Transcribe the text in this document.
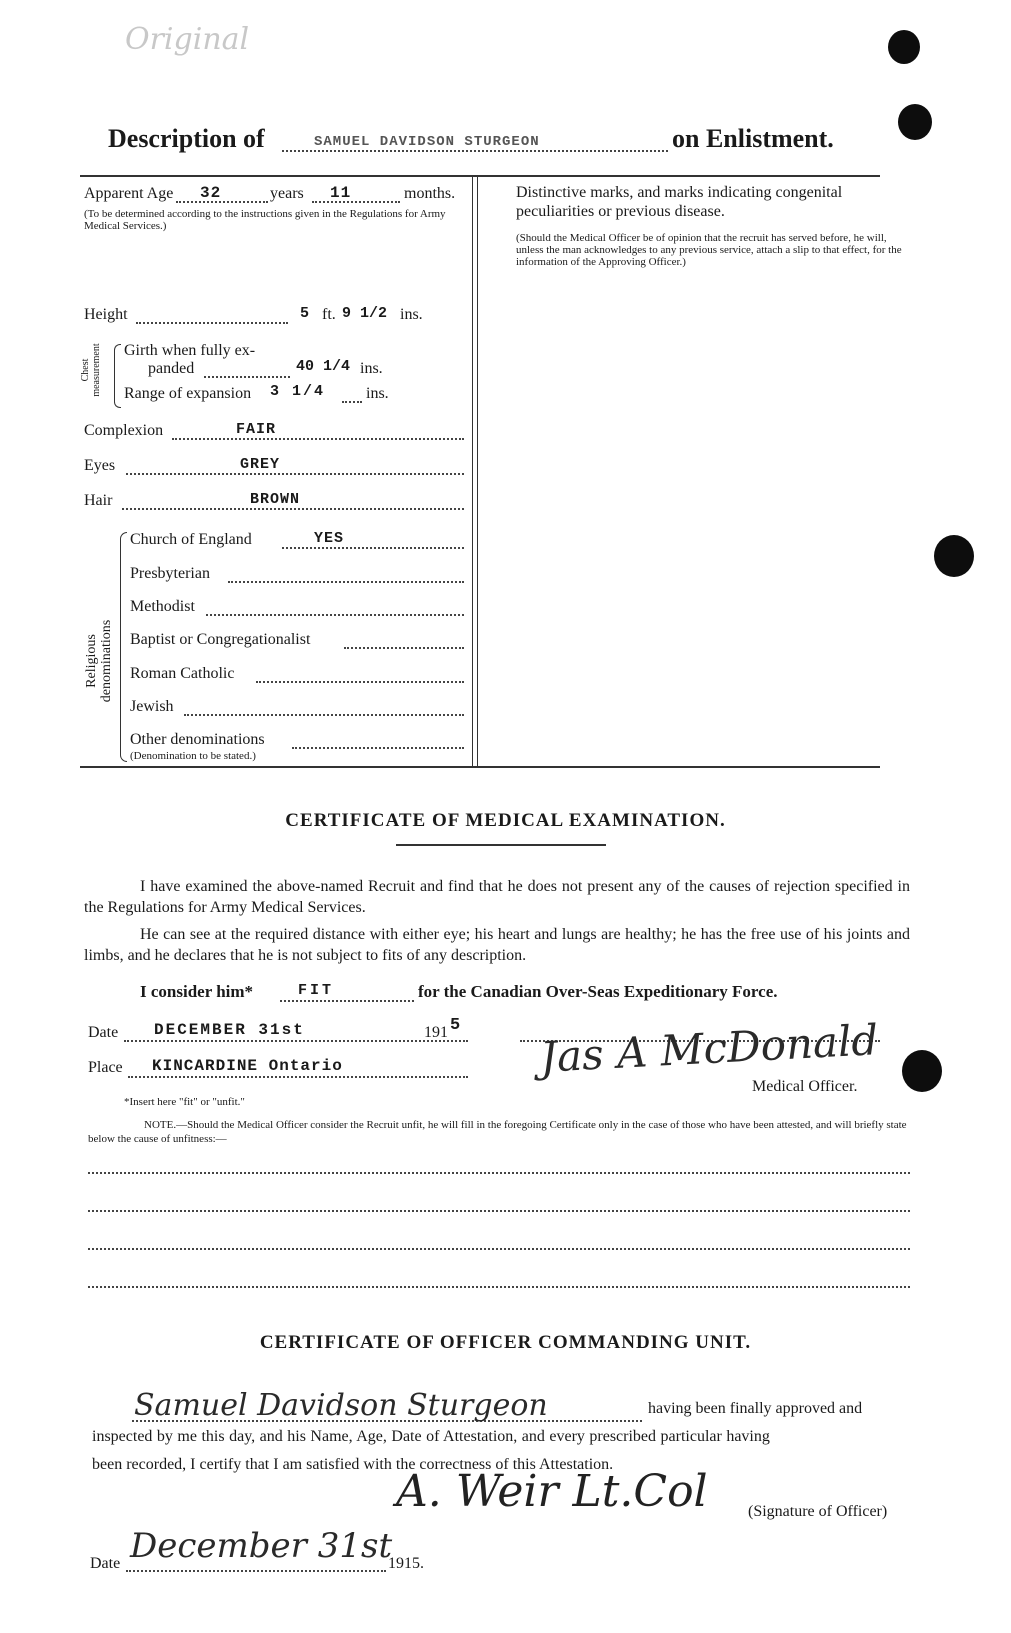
Original
Description of	SAMUEL DAVIDSON STURGEON	on Enlistment.
Apparent Age 32	years 11	months.
(To be determined according to the instructions given in the Regulations for Army Medical Services.)
Height	5 ft. 9 1/2 ins.
Chest measurement Girth when fully ex-
panded	40 1/4 ins.
Range of expansion 3 1/4	ins.
Complexion	FAIR
Eyes	GREY
Hair	BROWN
Religious denominations
Church of England	YES
Presbyterian
Methodist
Baptist or Congregationalist
Roman Catholic
Jewish
Other denominations
(Denomination to be stated.)
Distinctive marks, and marks indicating congenital
peculiarities or previous disease.
(Should the Medical Officer be of opinion that the recruit has served before, he will, unless the man acknowledges to any previous service, attach a slip to that effect, for the information of the Approving Officer.)
CERTIFICATE OF MEDICAL EXAMINATION.
I have examined the above-named Recruit and find that he does not present any of the causes of rejection specified in the Regulations for Army Medical Services.
He can see at the required distance with either eye; his heart and lungs are healthy; he has the free use of his joints and limbs, and he declares that he is not subject to fits of any description.
I consider him*	FIT	for the Canadian Over-Seas Expeditionary Force.
Date DECEMBER 31st	191 5
Place KINCARDINE Ontario	Jas A McDonald
Medical Officer.
*Insert here "fit" or "unfit."
NOTE.—Should the Medical Officer consider the Recruit unfit, he will fill in the foregoing Certificate only in the case of those who have been attested, and will briefly state below the cause of unfitness:—
CERTIFICATE OF OFFICER COMMANDING UNIT.
Samuel Davidson Sturgeon	having been finally approved and
inspected by me this day, and his Name, Age, Date of Attestation, and every prescribed particular having
been recorded, I certify that I am satisfied with the correctness of this Attestation.
A. Weir Lt.Col	(Signature of Officer)
Date December 31st
1915.
